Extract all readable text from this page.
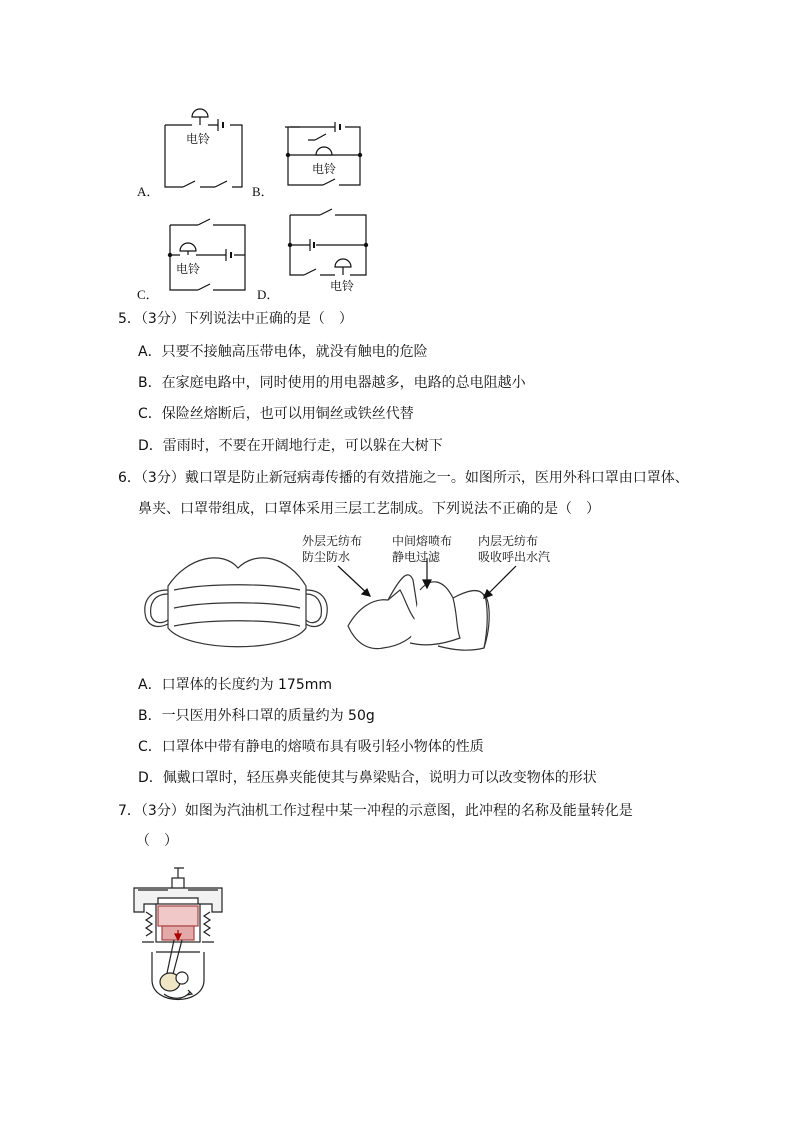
电铃
电铃
电铃
电铃
A．	B．
C．	D．
5．（3分）下列说法中正确的是（　）
A．只要不接触高压带电体，就没有触电的危险
B．在家庭电路中，同时使用的用电器越多，电路的总电阻越小
C．保险丝熔断后，也可以用铜丝或铁丝代替
D．雷雨时，不要在开阔地行走，可以躲在大树下
6．（3分）戴口罩是防止新冠病毒传播的有效措施之一。如图所示，医用外科口罩由口罩体、
鼻夹、口罩带组成，口罩体采用三层工艺制成。下列说法不正确的是（　）
外层无纺布
防尘防水
中间熔喷布
静电过滤
内层无纺布
吸收呼出水汽
A．口罩体的长度约为 175mm
B．一只医用外科口罩的质量约为 50g
C．口罩体中带有静电的熔喷布具有吸引轻小物体的性质
D．佩戴口罩时，轻压鼻夹能使其与鼻梁贴合，说明力可以改变物体的形状
7．（3分）如图为汽油机工作过程中某一冲程的示意图，此冲程的名称及能量转化是
（　）
